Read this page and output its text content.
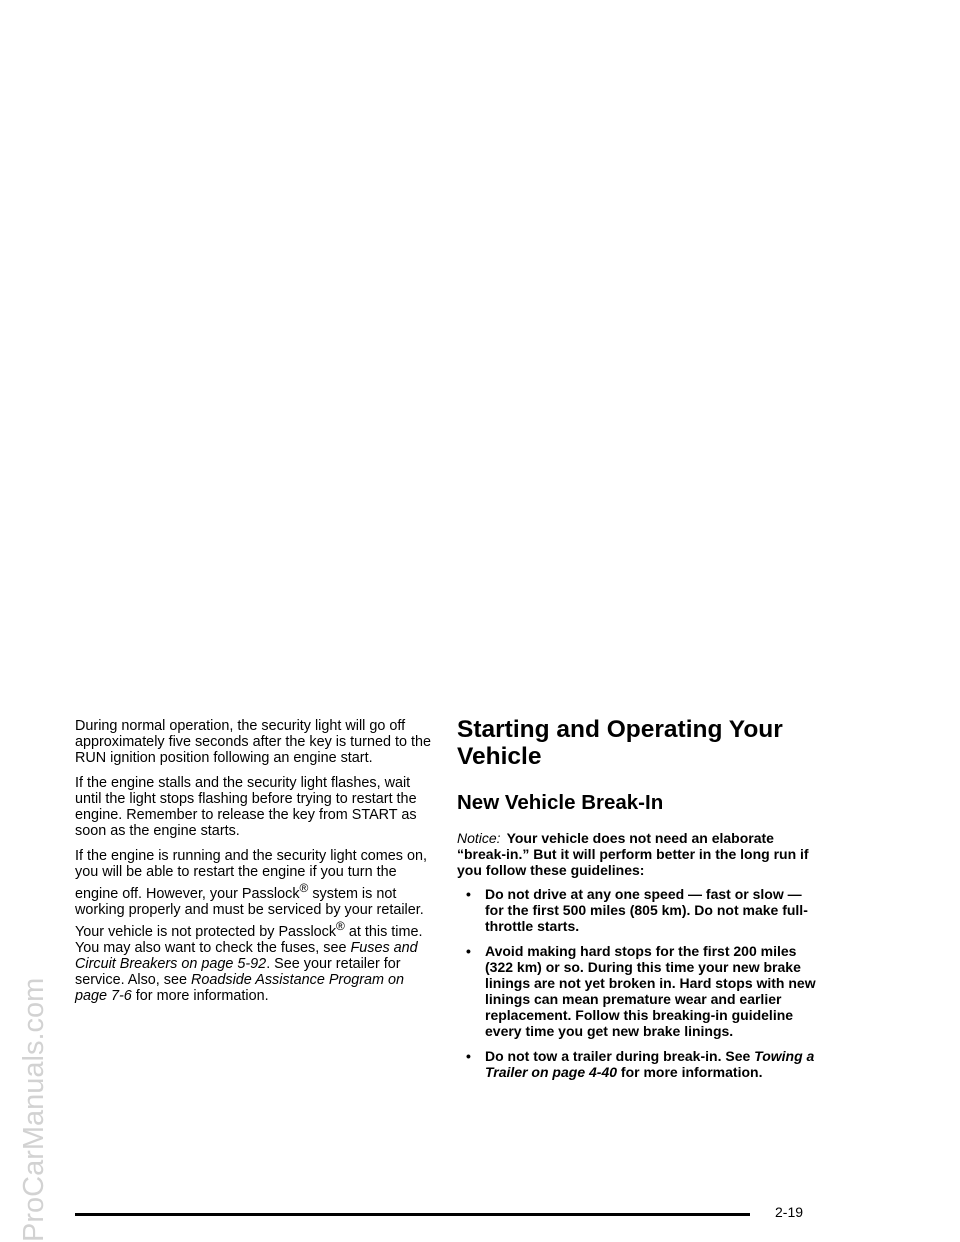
ProCarManuals.com

During normal operation, the security light will go off approximately five seconds after the key is turned to the RUN ignition position following an engine start.

If the engine stalls and the security light flashes, wait until the light stops flashing before trying to restart the engine. Remember to release the key from START as soon as the engine starts.

If the engine is running and the security light comes on, you will be able to restart the engine if you turn the engine off. However, your Passlock® system is not working properly and must be serviced by your retailer. Your vehicle is not protected by Passlock® at this time. You may also want to check the fuses, see Fuses and Circuit Breakers on page 5-92. See your retailer for service. Also, see Roadside Assistance Program on page 7-6 for more information.

Starting and Operating Your Vehicle
New Vehicle Break-In

Notice: Your vehicle does not need an elaborate “break-in.” But it will perform better in the long run if you follow these guidelines:

• Do not drive at any one speed — fast or slow — for the first 500 miles (805 km). Do not make full-throttle starts.
• Avoid making hard stops for the first 200 miles (322 km) or so. During this time your new brake linings are not yet broken in. Hard stops with new linings can mean premature wear and earlier replacement. Follow this breaking-in guideline every time you get new brake linings.
• Do not tow a trailer during break-in. See Towing a Trailer on page 4-40 for more information.
2-19
